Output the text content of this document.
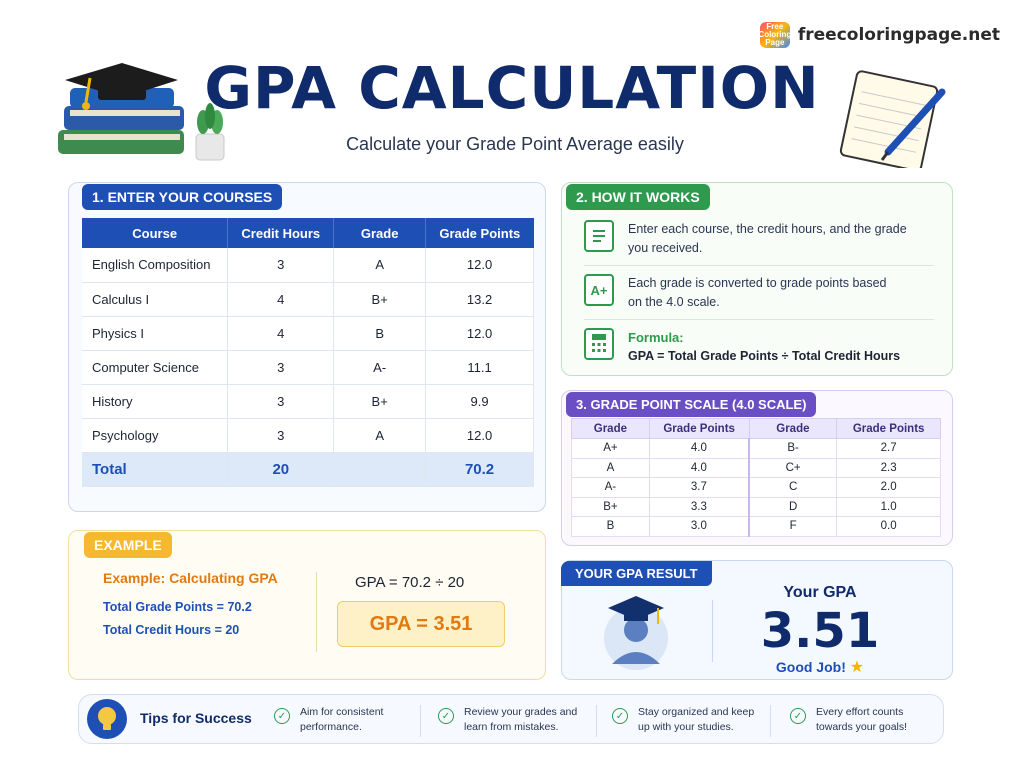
Free Coloring Page freecoloringpage.net
GPA CALCULATION
Calculate your Grade Point Average easily
1. ENTER YOUR COURSES
Course	Credit Hours	Grade	Grade Points
English Composition	3	A	12.0
Calculus I	4	B+	13.2
Physics I	4	B	12.0
Computer Science	3	A-	11.1
History	3	B+	9.9
Psychology	3	A	12.0
Total	20		70.2
2. HOW IT WORKS
Enter each course, the credit hours, and the grade you received.
A+	Each grade is converted to grade points based on the 4.0 scale.
Formula:
GPA = Total Grade Points ÷ Total Credit Hours
3. GRADE POINT SCALE (4.0 SCALE)
Grade	Grade Points	Grade	Grade Points
A+	4.0	B-	2.7
A	4.0	C+	2.3
A-	3.7	C	2.0
B+	3.3	D	1.0
B	3.0	F	0.0
EXAMPLE
Example: Calculating GPA
Total Grade Points = 70.2
Total Credit Hours = 20
GPA = 70.2 ÷ 20
GPA = 3.51
YOUR GPA RESULT
Your GPA
3.51
Good Job! ★
Tips for Success	✓	Aim for consistent performance.
✓	Review your grades and learn from mistakes.
✓	Stay organized and keep up with your studies.
✓	Every effort counts towards your goals!
